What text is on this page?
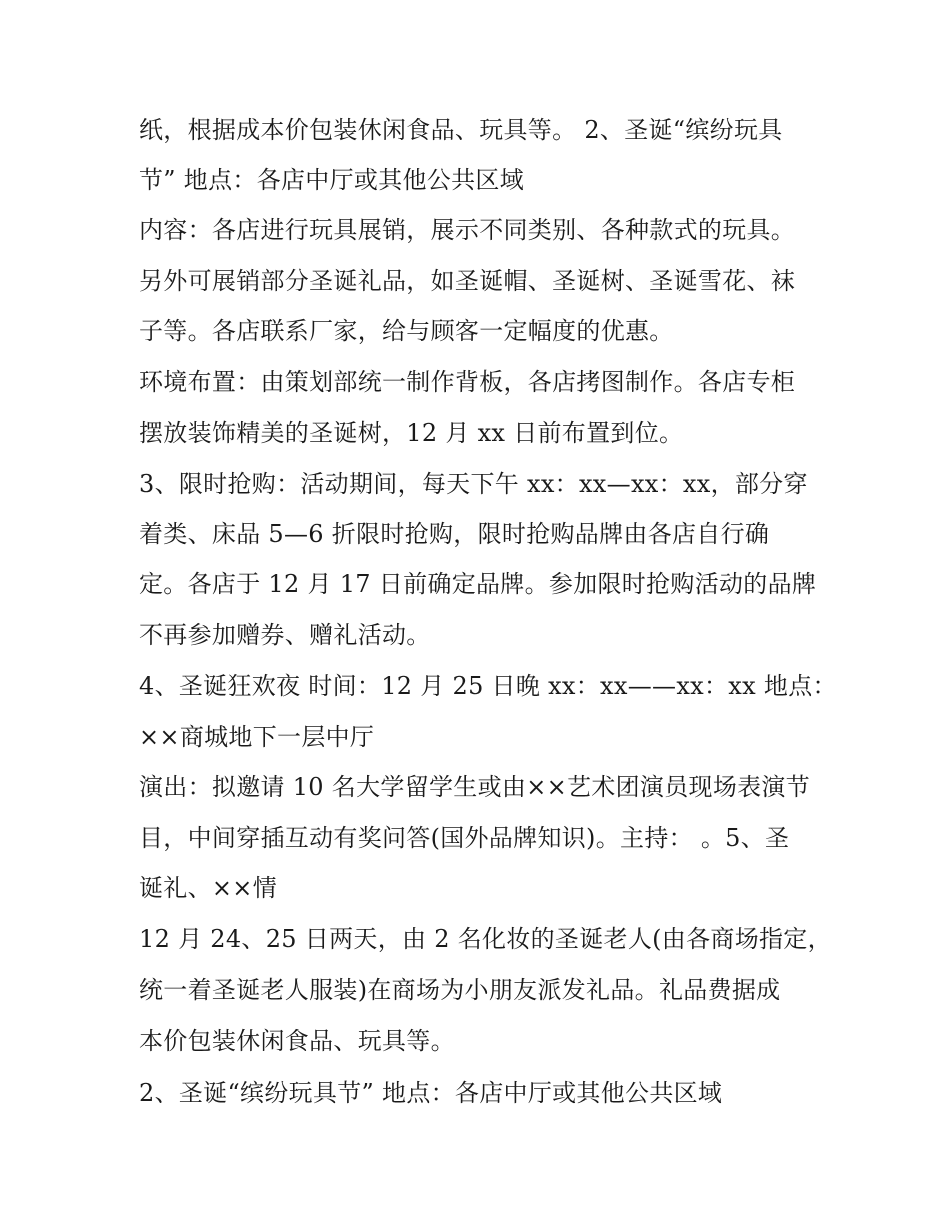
纸，根据成本价包装休闲食品、玩具等。 2、圣诞“缤纷玩具
节” 地点：各店中厅或其他公共区域
内容：各店进行玩具展销，展示不同类别、各种款式的玩具。
另外可展销部分圣诞礼品，如圣诞帽、圣诞树、圣诞雪花、袜
子等。各店联系厂家，给与顾客一定幅度的优惠。
环境布置：由策划部统一制作背板，各店拷图制作。各店专柜
摆放装饰精美的圣诞树，12 月 xx 日前布置到位。
3、限时抢购：活动期间，每天下午 xx：xx—xx：xx，部分穿
着类、床品 5—6 折限时抢购，限时抢购品牌由各店自行确
定。各店于 12 月 17 日前确定品牌。参加限时抢购活动的品牌
不再参加赠券、赠礼活动。
4、圣诞狂欢夜 时间：12 月 25 日晚 xx：xx——xx：xx 地点：
××商城地下一层中厅
演出：拟邀请 10 名大学留学生或由××艺术团演员现场表演节
目，中间穿插互动有奖问答(国外品牌知识)。主持： 。5、圣
诞礼、××情
12 月 24、25 日两天，由 2 名化妆的圣诞老人(由各商场指定，
统一着圣诞老人服装)在商场为小朋友派发礼品。礼品费据成
本价包装休闲食品、玩具等。
2、圣诞“缤纷玩具节” 地点：各店中厅或其他公共区域
